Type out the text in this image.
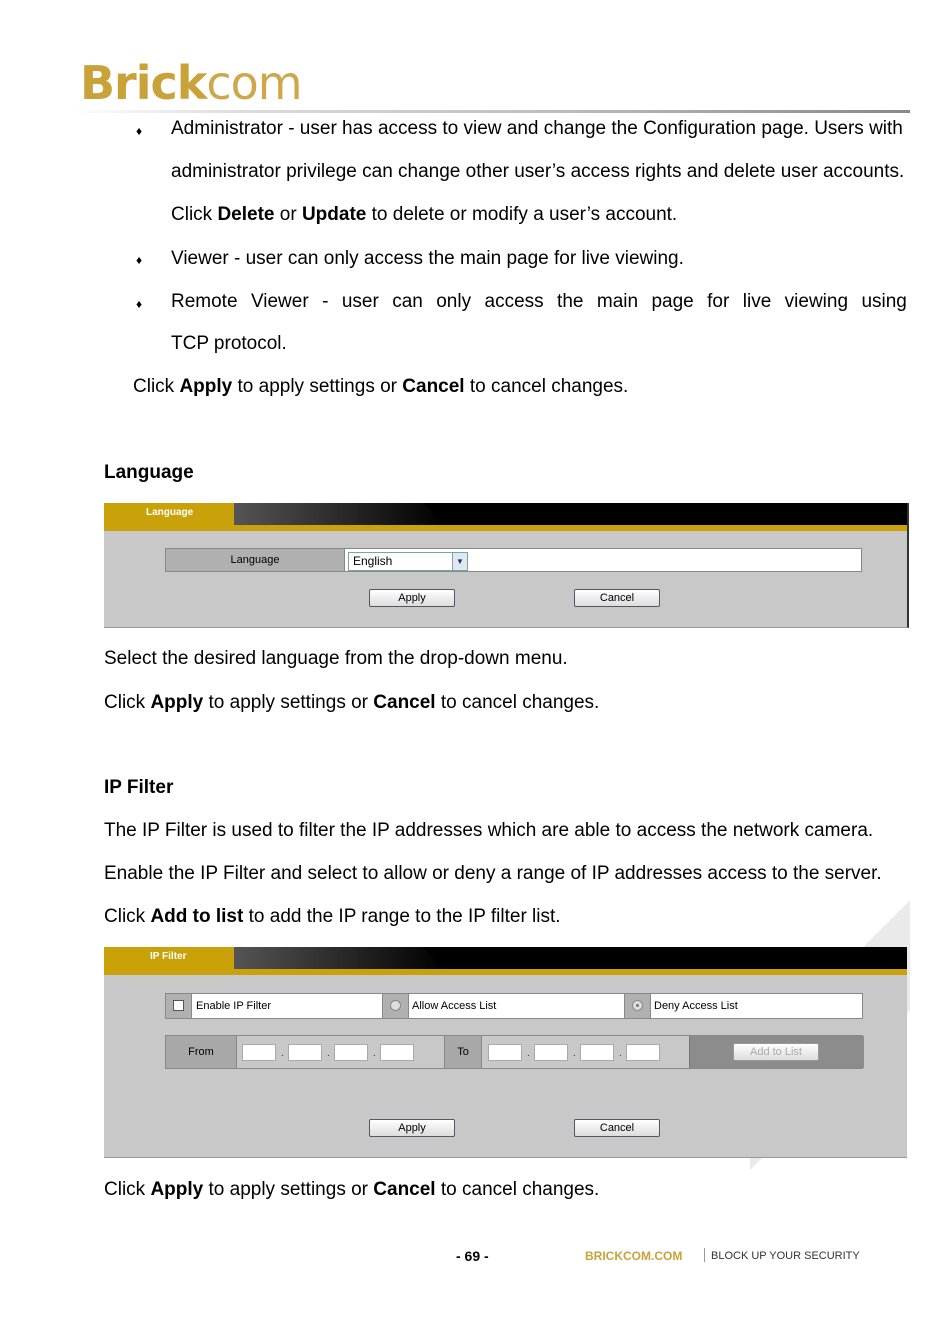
Brickcom
♦ Administrator - user has access to view and change the Configuration page. Users with
administrator privilege can change other user’s access rights and delete user accounts.
Click Delete or Update to delete or modify a user’s account.
♦ Viewer - user can only access the main page for live viewing.
♦ Remote Viewer - user can only access the main page for live viewing using
TCP protocol.
Click Apply to apply settings or Cancel to cancel changes.
Language
Language
Language	English	▼
Apply	Cancel
Select the desired language from the drop-down menu.
Click Apply to apply settings or Cancel to cancel changes.
IP Filter
The IP Filter is used to filter the IP addresses which are able to access the network camera.
Enable the IP Filter and select to allow or deny a range of IP addresses access to the server.
Click Add to list to add the IP range to the IP filter list.
IP Filter
Enable IP Filter	Allow Access List	Deny Access List
From	.	.	.	To	.	.	.	Add to List
Apply	Cancel
Click Apply to apply settings or Cancel to cancel changes.
- 69 -	BRICKCOM.COM	BLOCK UP YOUR SECURITY
